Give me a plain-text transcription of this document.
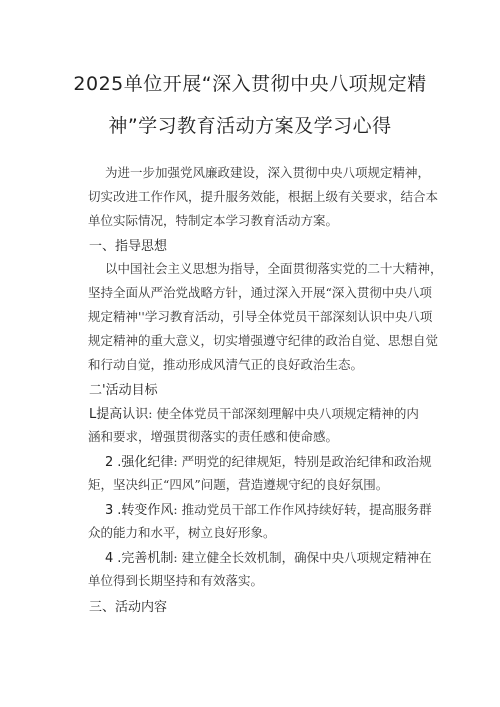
2025单位开展“深入贯彻中央八项规定精
神”学习教育活动方案及学习心得
为进一步加强党风廉政建设，深入贯彻中央八项规定精神，
切实改进工作作风，提升服务效能，根据上级有关要求，结合本
单位实际情况，特制定本学习教育活动方案。
一、指导思想
以中国社会主义思想为指导，全面贯彻落实党的二十大精神，
坚持全面从严治党战略方针，通过深入开展“深入贯彻中央八项
规定精神''学习教育活动，引导全体党员干部深刻认识中央八项
规定精神的重大意义，切实增强遵守纪律的政治自觉、思想自觉
和行动自觉，推动形成风清气正的良好政治生态。
二'活动目标
L提高认识: 使全体党员干部深刻理解中央八项规定精神的内
涵和要求，增强贯彻落实的责任感和使命感。
2 .强化纪律: 严明党的纪律规矩，特别是政治纪律和政治规
矩，坚决纠正“四风”问题，营造遵规守纪的良好氛围。
3 .转变作风: 推动党员干部工作作风持续好转，提高服务群
众的能力和水平，树立良好形象。
4 .完善机制: 建立健全长效机制，确保中央八项规定精神在
单位得到长期坚持和有效落实。
三、活动内容
